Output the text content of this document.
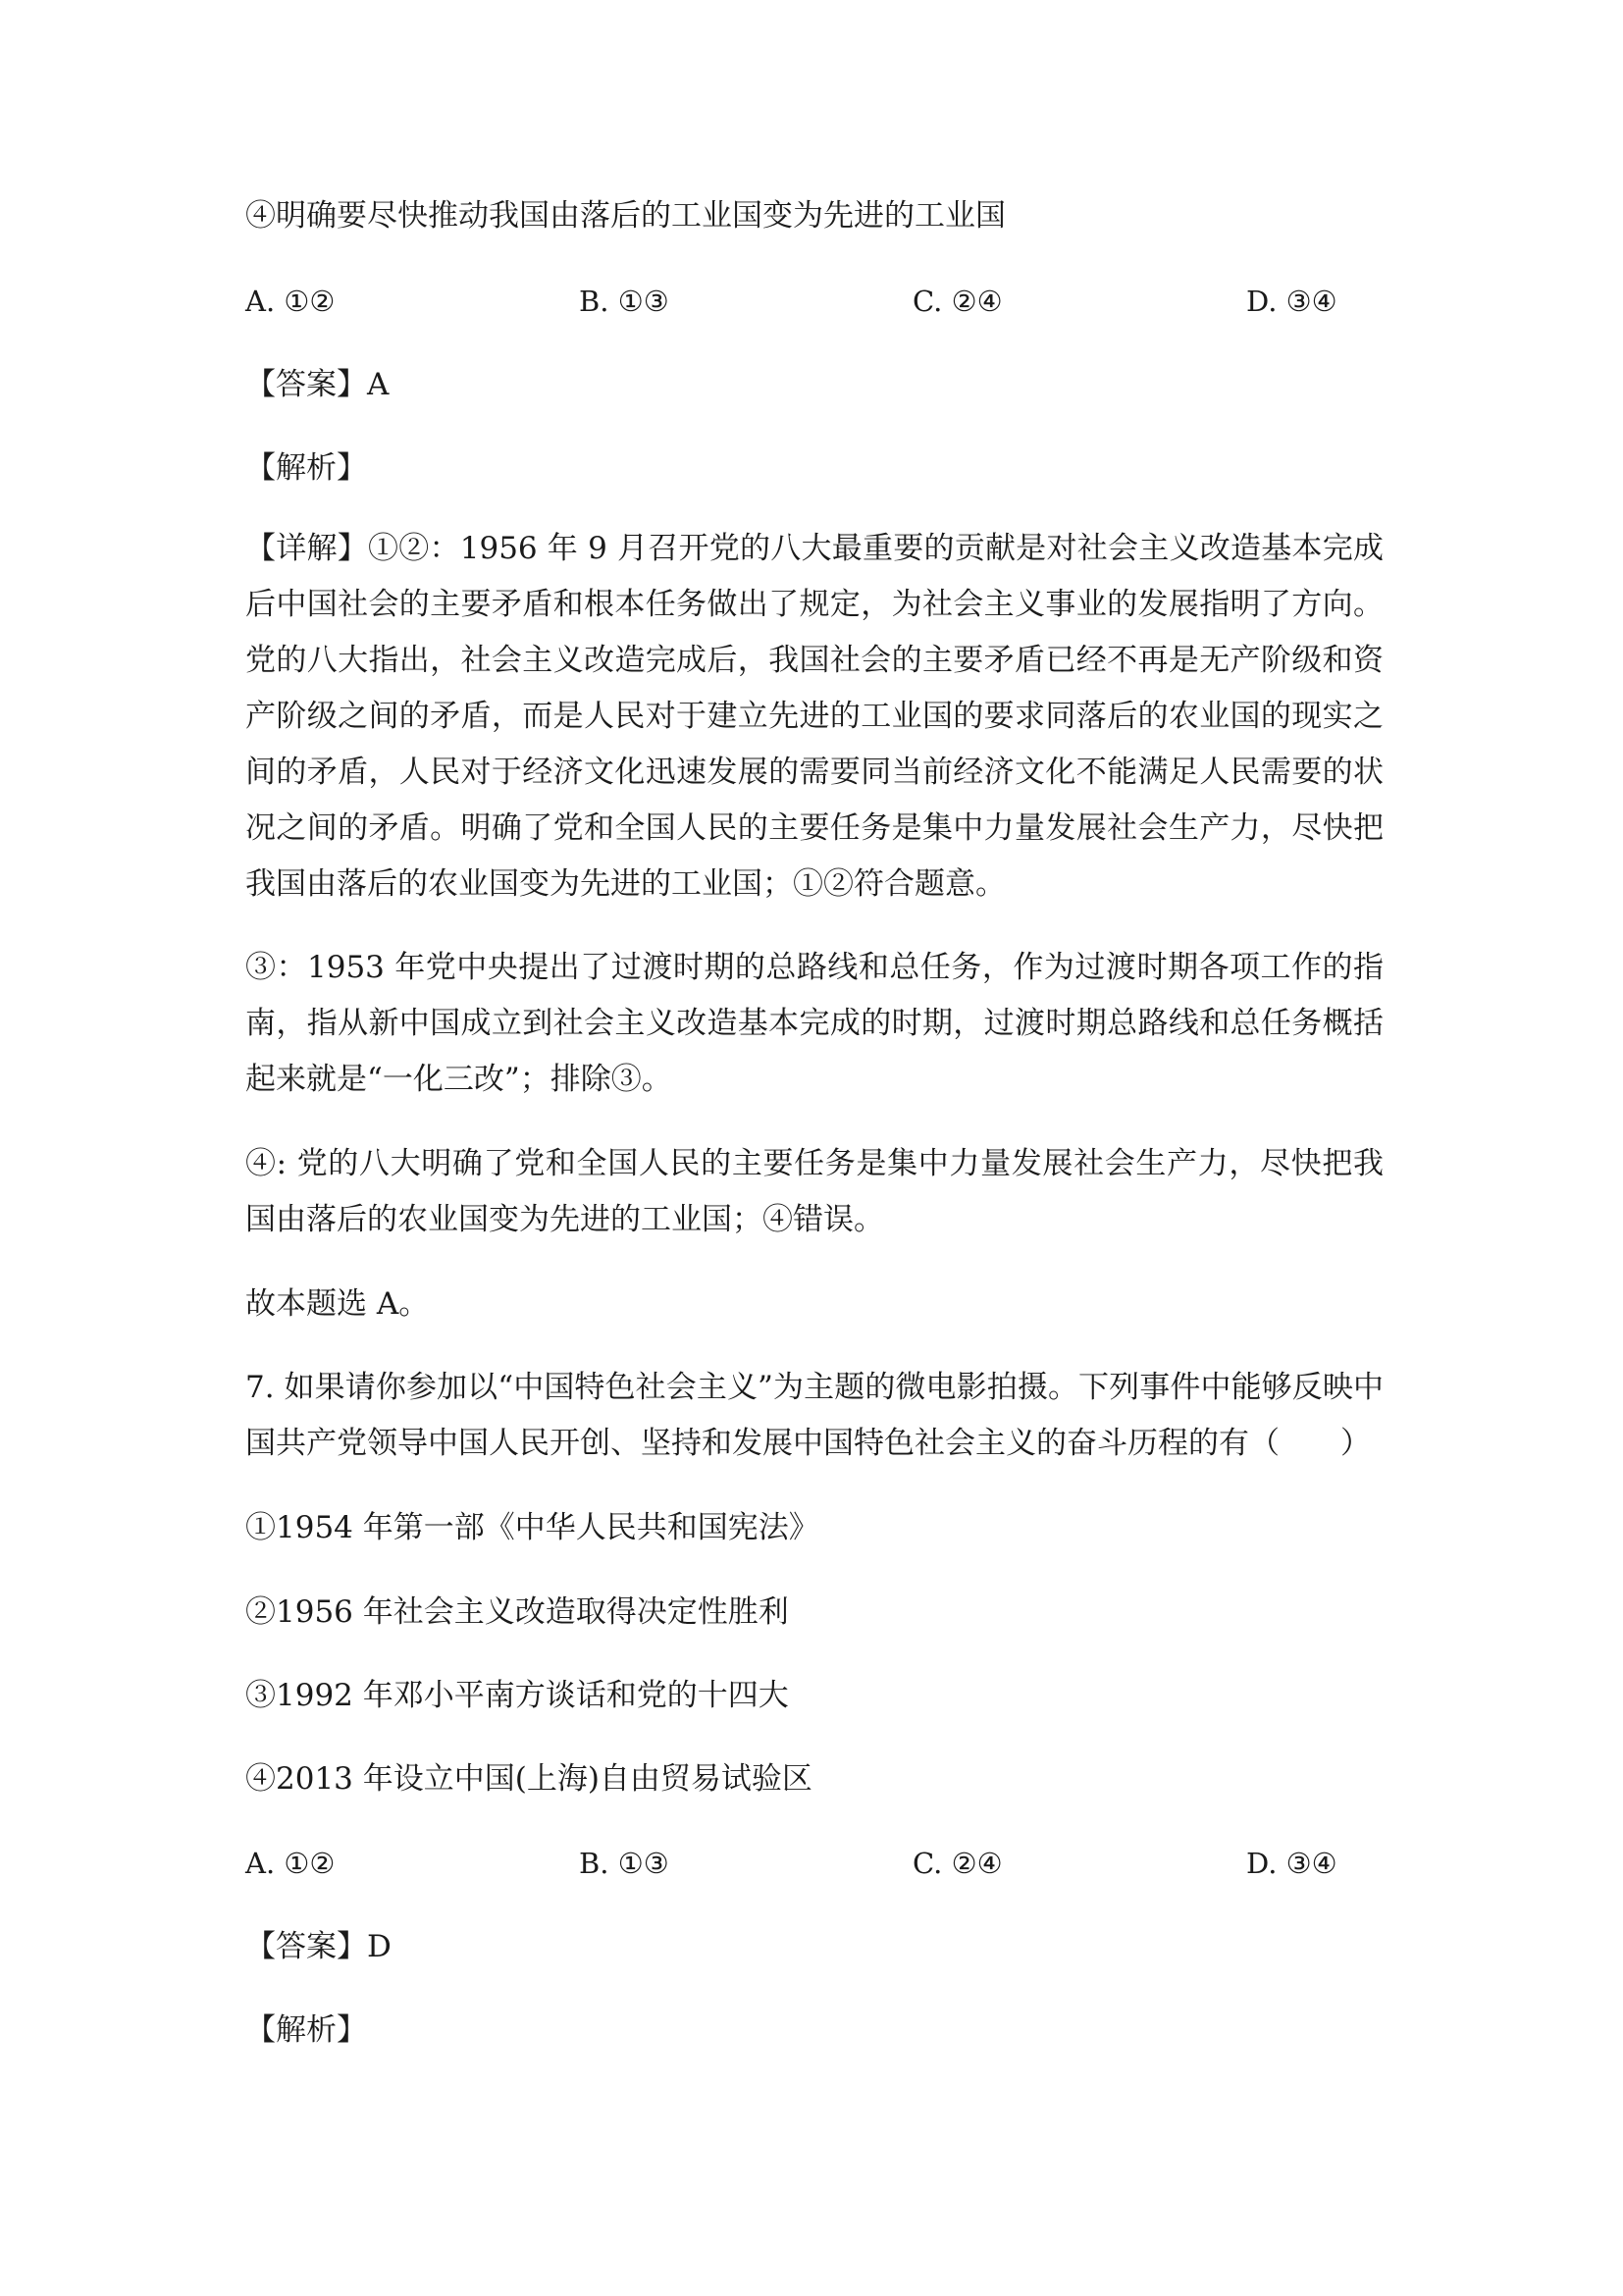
④明确要尽快推动我国由落后的工业国变为先进的工业国
A. ①②	B. ①③	C. ②④	D. ③④
【答案】A
【解析】
【详解】①②：1956 年 9 月召开党的八大最重要的贡献是对社会主义改造基本完成后中国社会的主要矛盾和根本任务做出了规定，为社会主义事业的发展指明了方向。党的八大指出，社会主义改造完成后，我国社会的主要矛盾已经不再是无产阶级和资产阶级之间的矛盾，而是人民对于建立先进的工业国的要求同落后的农业国的现实之间的矛盾，人民对于经济文化迅速发展的需要同当前经济文化不能满足人民需要的状况之间的矛盾。明确了党和全国人民的主要任务是集中力量发展社会生产力，尽快把我国由落后的农业国变为先进的工业国；①②符合题意。
③：1953 年党中央提出了过渡时期的总路线和总任务，作为过渡时期各项工作的指南，指从新中国成立到社会主义改造基本完成的时期，过渡时期总路线和总任务概括起来就是“一化三改”；排除③。
④: 党的八大明确了党和全国人民的主要任务是集中力量发展社会生产力，尽快把我国由落后的农业国变为先进的工业国；④错误。
故本题选 A。
7. 如果请你参加以“中国特色社会主义”为主题的微电影拍摄。下列事件中能够反映中国共产党领导中国人民开创、坚持和发展中国特色社会主义的奋斗历程的有（　　）
①1954 年第一部《中华人民共和国宪法》
②1956 年社会主义改造取得决定性胜利
③1992 年邓小平南方谈话和党的十四大
④2013 年设立中国(上海)自由贸易试验区
A. ①②	B. ①③	C. ②④	D. ③④
【答案】D
【解析】
